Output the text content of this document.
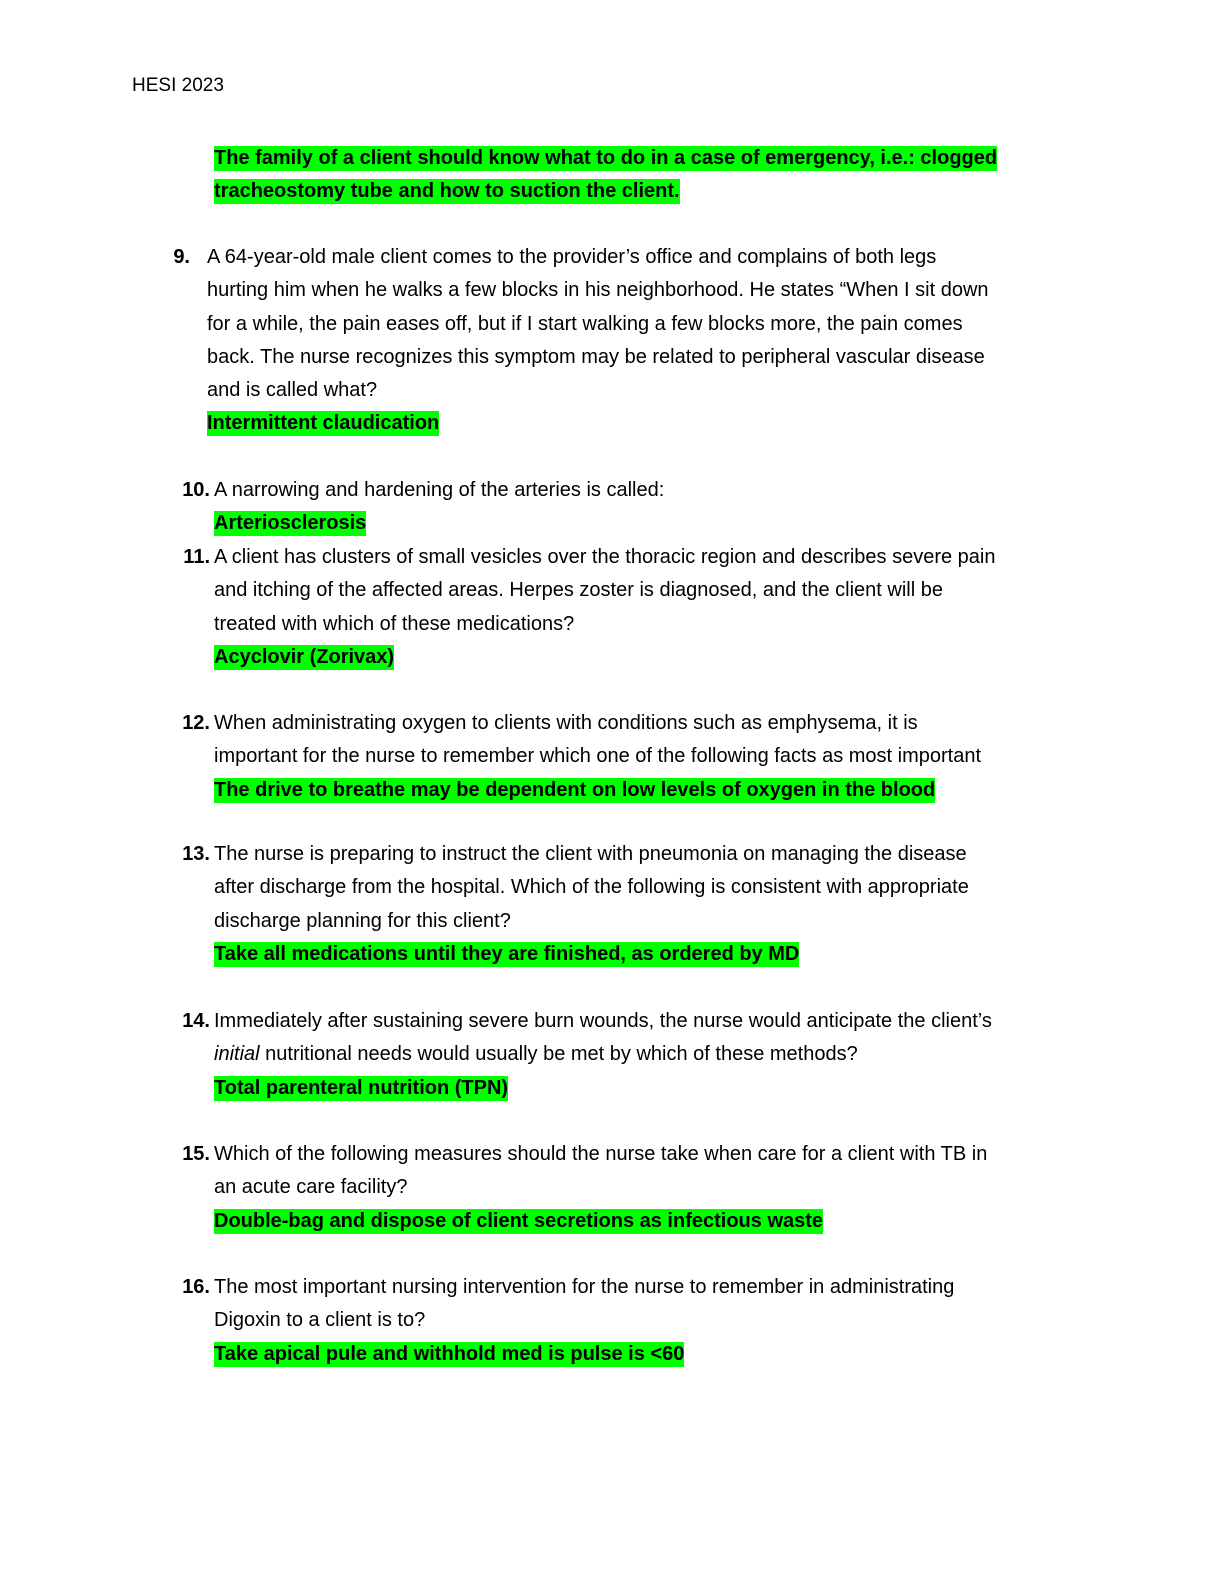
HESI 2023
The family of a client should know what to do in a case of emergency, i.e.: clogged
tracheostomy tube and how to suction the client.
9. A 64-year-old male client comes to the provider’s office and complains of both legs
hurting him when he walks a few blocks in his neighborhood. He states “When I sit down
for a while, the pain eases off, but if I start walking a few blocks more, the pain comes
back. The nurse recognizes this symptom may be related to peripheral vascular disease
and is called what?
Intermittent claudication
10. A narrowing and hardening of the arteries is called:
Arteriosclerosis
11. A client has clusters of small vesicles over the thoracic region and describes severe pain
and itching of the affected areas. Herpes zoster is diagnosed, and the client will be
treated with which of these medications?
Acyclovir (Zorivax)
12. When administrating oxygen to clients with conditions such as emphysema, it is
important for the nurse to remember which one of the following facts as most important
The drive to breathe may be dependent on low levels of oxygen in the blood
13. The nurse is preparing to instruct the client with pneumonia on managing the disease
after discharge from the hospital. Which of the following is consistent with appropriate
discharge planning for this client?
Take all medications until they are finished, as ordered by MD
14. Immediately after sustaining severe burn wounds, the nurse would anticipate the client’s
initial nutritional needs would usually be met by which of these methods?
Total parenteral nutrition (TPN)
15. Which of the following measures should the nurse take when care for a client with TB in
an acute care facility?
Double-bag and dispose of client secretions as infectious waste
16. The most important nursing intervention for the nurse to remember in administrating
Digoxin to a client is to?
Take apical pule and withhold med is pulse is <60
